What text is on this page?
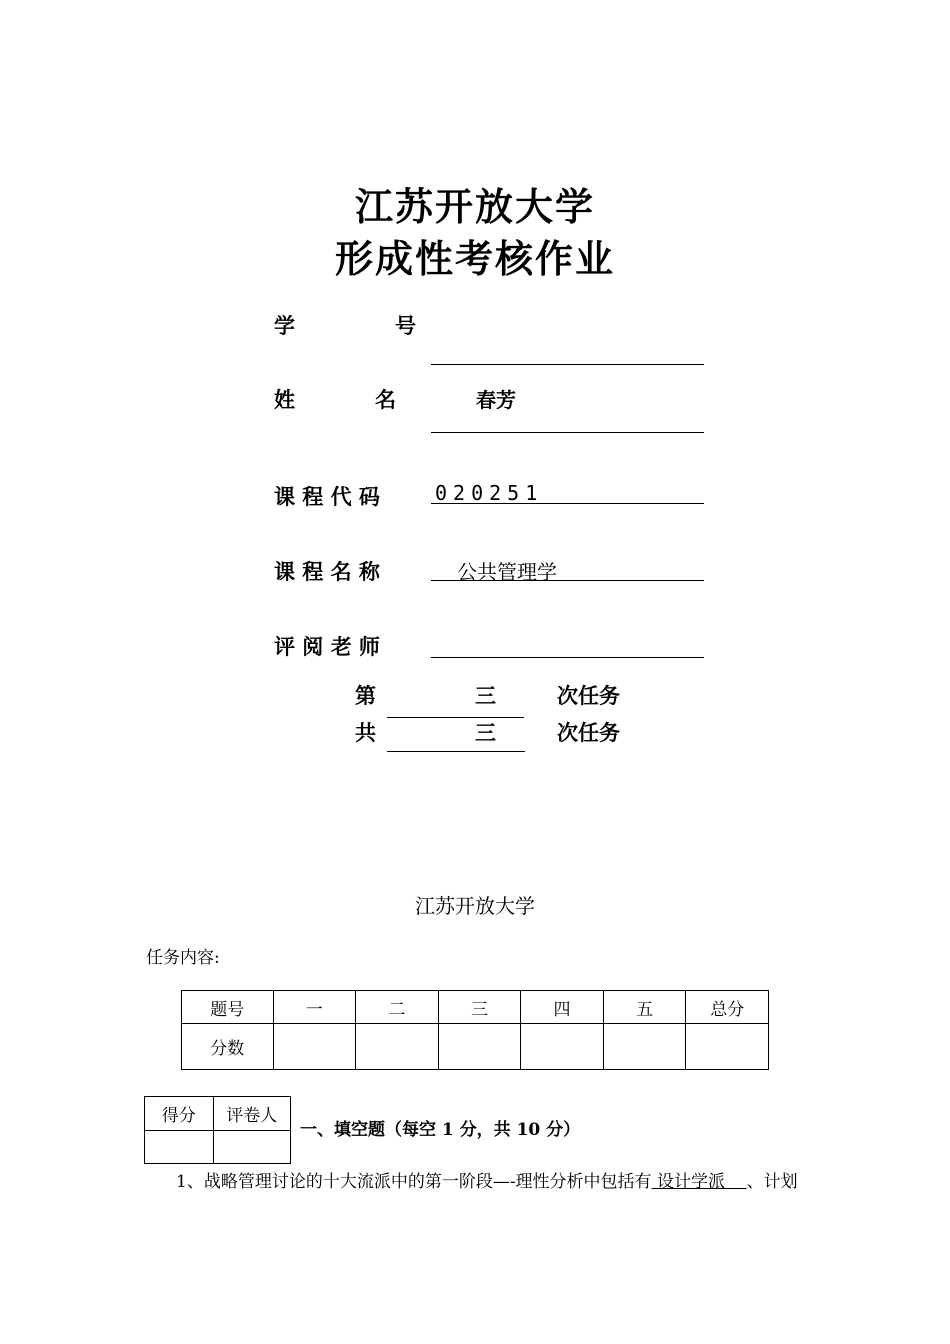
江苏开放大学
形成性考核作业
学	号
姓	名	春芳
课 程 代 码	020251
课 程 名 称	公共管理学
评 阅 老 师
第	三	次任务
共	三	次任务
江苏开放大学
任务内容:
题号	一	二	三	四	五	总分
分数						
得分	评卷人

一、填空题（每空 1 分，共 10 分）
1、战略管理讨论的十大流派中的第一阶段—-理性分析中包括有 设计学派    、计划
